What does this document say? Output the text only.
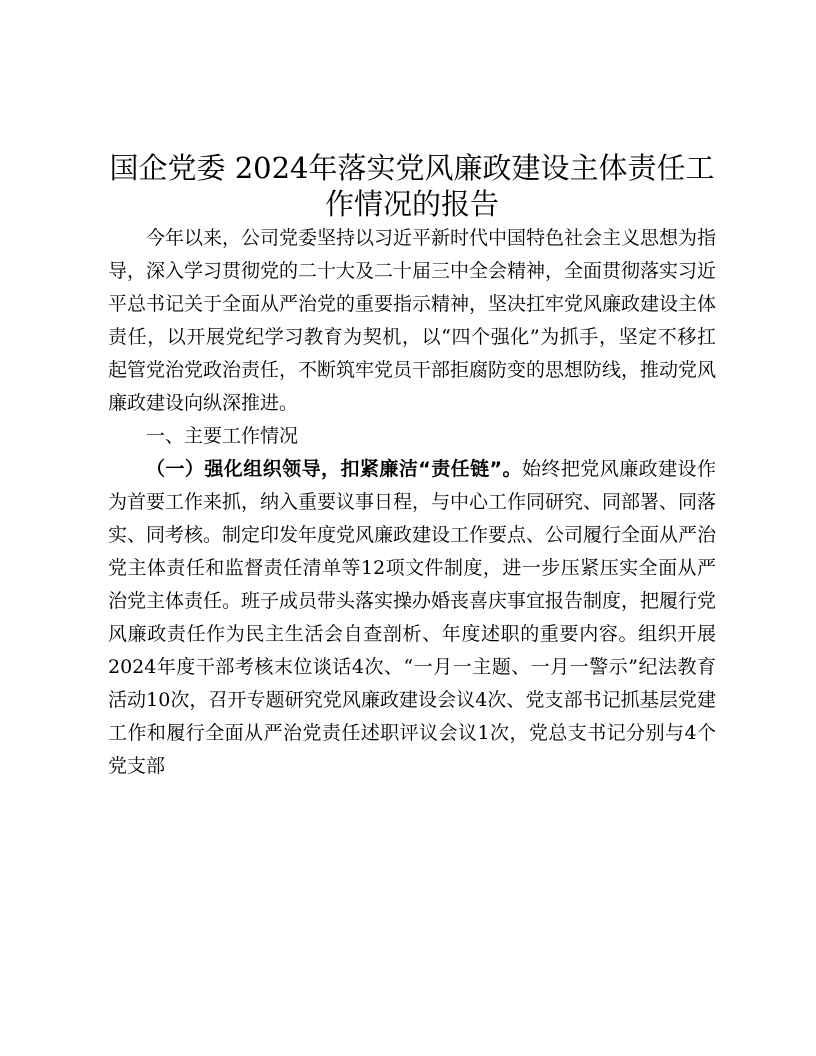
国企党委 2024年落实党风廉政建设主体责任工
作情况的报告

今年以来，公司党委坚持以习近平新时代中国特色社会主义思想为指导，深入学习贯彻党的二十大及二十届三中全会精神，全面贯彻落实习近平总书记关于全面从严治党的重要指示精神，坚决扛牢党风廉政建设主体责任，以开展党纪学习教育为契机，以“四个强化”为抓手，坚定不移扛起管党治党政治责任，不断筑牢党员干部拒腐防变的思想防线，推动党风廉政建设向纵深推进。

一、主要工作情况

（一）强化组织领导，扣紧廉洁“责任链”。始终把党风廉政建设作为首要工作来抓，纳入重要议事日程，与中心工作同研究、同部署、同落实、同考核。制定印发年度党风廉政建设工作要点、公司履行全面从严治党主体责任和监督责任清单等12项文件制度，进一步压紧压实全面从严治党主体责任。班子成员带头落实操办婚丧喜庆事宜报告制度，把履行党风廉政责任作为民主生活会自查剖析、年度述职的重要内容。组织开展2024年度干部考核末位谈话4次、“一月一主题、一月一警示”纪法教育活动10次，召开专题研究党风廉政建设会议4次、党支部书记抓基层党建工作和履行全面从严治党责任述职评议会议1次，党总支书记分别与4个党支部
